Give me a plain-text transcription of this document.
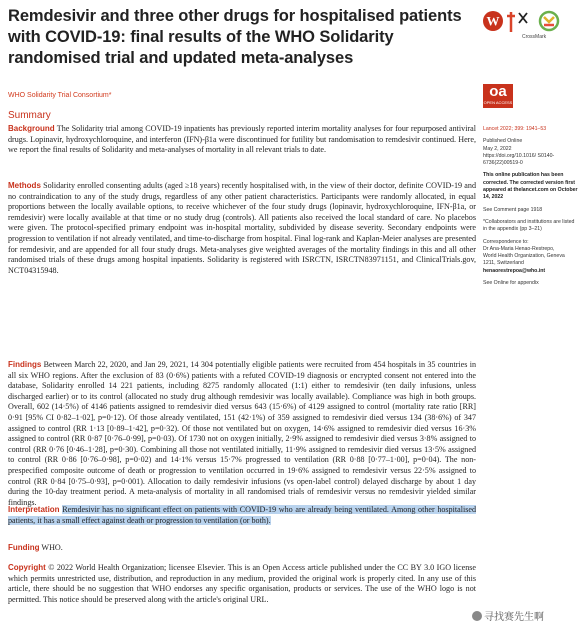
Remdesivir and three other drugs for hospitalised patients with COVID-19: final results of the WHO Solidarity randomised trial and updated meta-analyses
WHO Solidarity Trial Consortium*
W
CrossMark
oa
OPEN ACCESS

Lancet 2022; 399: 1941–53

Published Online
May 2, 2022
https://doi.org/10.1016/ S0140-6736(22)00519-0

This online publication has been corrected. The corrected version first appeared at thelancet.com on October 14, 2022

See Comment page 1918

*Collaborators and institutions are listed in the appendix (pp 3–21)

Correspondence to:
Dr Ana-Maria Henao-Restrepo,
World Health Organization, Geneva 1211, Switzerland
henaorestrepoa@who.int

See Online for appendix

Summary
Background The Solidarity trial among COVID-19 inpatients has previously reported interim mortality analyses for four repurposed antiviral drugs. Lopinavir, hydroxychloroquine, and interferon (IFN)-β1a were discontinued for futility but randomisation to remdesivir continued. Here, we report the final results of Solidarity and meta-analyses of mortality in all relevant trials to date.
Methods Solidarity enrolled consenting adults (aged ≥18 years) recently hospitalised with, in the view of their doctor, definite COVID-19 and no contraindication to any of the study drugs, regardless of any other patient characteristics. Participants were randomly allocated, in equal proportions between the locally available options, to receive whichever of the four study drugs (lopinavir, hydroxychloroquine, IFN-β1a, or remdesivir) were locally available at that time or no study drug (controls). All patients also received the local standard of care. No placebos were given. The protocol-specified primary endpoint was in-hospital mortality, subdivided by disease severity. Secondary endpoints were progression to ventilation if not already ventilated, and time-to-discharge from hospital. Final log-rank and Kaplan-Meier analyses are presented for remdesivir, and are appended for all four study drugs. Meta-analyses give weighted averages of the mortality findings in this and all other randomised trials of these drugs among hospital inpatients. Solidarity is registered with ISRCTN, ISRCTN83971151, and ClinicalTrials.gov, NCT04315948.
Findings Between March 22, 2020, and Jan 29, 2021, 14 304 potentially eligible patients were recruited from 454 hospitals in 35 countries in all six WHO regions. After the exclusion of 83 (0·6%) patients with a refuted COVID-19 diagnosis or encrypted consent not entered into the database, Solidarity enrolled 14 221 patients, including 8275 randomly allocated (1:1) either to remdesivir (ten daily infusions, unless discharged earlier) or to its control (allocated no study drug although remdesivir was locally available). Compliance was high in both groups. Overall, 602 (14·5%) of 4146 patients assigned to remdesivir died versus 643 (15·6%) of 4129 assigned to control (mortality rate ratio [RR] 0·91 [95% CI 0·82–1·02], p=0·12). Of those already ventilated, 151 (42·1%) of 359 assigned to remdesivir died versus 134 (38·6%) of 347 assigned to control (RR 1·13 [0·89–1·42], p=0·32). Of those not ventilated but on oxygen, 14·6% assigned to remdesivir died versus 16·3% assigned to control (RR 0·87 [0·76–0·99], p=0·03). Of 1730 not on oxygen initially, 2·9% assigned to remdesivir died versus 3·8% assigned to control (RR 0·76 [0·46–1·28], p=0·30). Combining all those not ventilated initially, 11·9% assigned to remdesivir died versus 13·5% assigned to control (RR 0·86 [0·76–0·98], p=0·02) and 14·1% versus 15·7% progressed to ventilation (RR 0·88 [0·77–1·00], p=0·04). The non-prespecified composite outcome of death or progression to ventilation occurred in 19·6% assigned to remdesivir versus 22·5% assigned to control (RR 0·84 [0·75–0·93], p=0·001). Allocation to daily remdesivir infusions (vs open-label control) delayed discharge by about 1 day during the 10-day treatment period. A meta-analysis of mortality in all randomised trials of remdesivir versus no remdesivir yielded similar findings.
Interpretation Remdesivir has no significant effect on patients with COVID-19 who are already being ventilated. Among other hospitalised patients, it has a small effect against death or progression to ventilation (or both).
Funding WHO.
Copyright © 2022 World Health Organization; licensee Elsevier. This is an Open Access article published under the CC BY 3.0 IGO license which permits unrestricted use, distribution, and reproduction in any medium, provided the original work is properly cited. In any use of this article, there should be no suggestion that WHO endorses any specific organisation, products or services. The use of the WHO logo is not permitted. This notice should be preserved along with the article's original URL.
寻找赛先生啊
